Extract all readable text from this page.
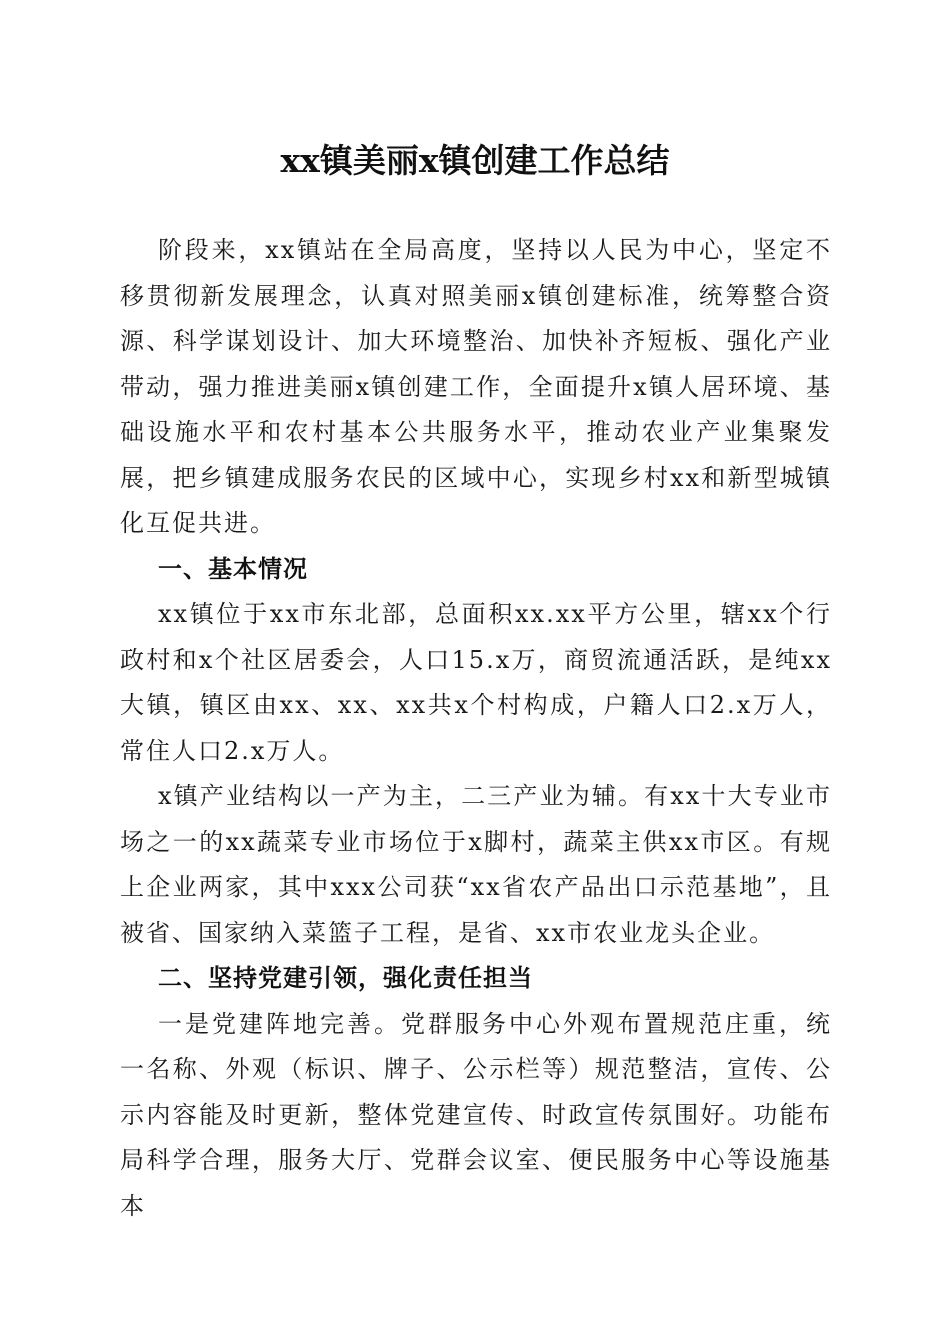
xx镇美丽x镇创建工作总结

阶段来，xx镇站在全局高度，坚持以人民为中心，坚定不移贯彻新发展理念，认真对照美丽x镇创建标准，统筹整合资源、科学谋划设计、加大环境整治、加快补齐短板、强化产业带动，强力推进美丽x镇创建工作，全面提升x镇人居环境、基础设施水平和农村基本公共服务水平，推动农业产业集聚发展，把乡镇建成服务农民的区域中心，实现乡村xx和新型城镇化互促共进。

一、基本情况

xx镇位于xx市东北部，总面积xx.xx平方公里，辖xx个行政村和x个社区居委会，人口15.x万，商贸流通活跃，是纯xx大镇，镇区由xx、xx、xx共x个村构成，户籍人口2.x万人，常住人口2.x万人。

x镇产业结构以一产为主，二三产业为辅。有xx十大专业市场之一的xx蔬菜专业市场位于x脚村，蔬菜主供xx市区。有规上企业两家，其中xxx公司获“xx省农产品出口示范基地”，且被省、国家纳入菜篮子工程，是省、xx市农业龙头企业。

二、坚持党建引领，强化责任担当

一是党建阵地完善。党群服务中心外观布置规范庄重，统一名称、外观（标识、牌子、公示栏等）规范整洁，宣传、公示内容能及时更新，整体党建宣传、时政宣传氛围好。功能布局科学合理，服务大厅、党群会议室、便民服务中心等设施基本
